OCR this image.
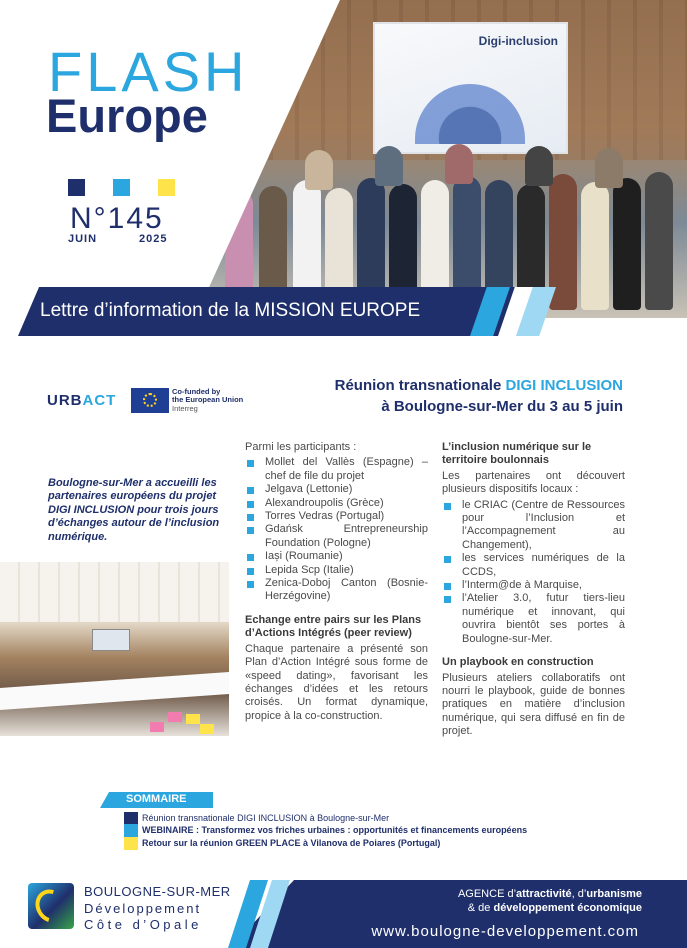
Digi-inclusion
FLASH
Europe
N°145
JUIN	2025
Lettre d’information de la MISSION EUROPE
URBACT
Co-funded by
the European Union
Interreg
Réunion transnationale DIGI INCLUSION
à Boulogne-sur-Mer du 3 au 5 juin
Boulogne-sur-Mer a accueilli les partenaires européens du projet DIGI INCLUSION pour trois jours d’échanges autour de l’inclusion numérique.

Parmi les participants :

Mollet del Vallès (Espagne) – chef de file du projet
Jelgava (Lettonie)
Alexandroupolis (Grèce)
Torres Vedras (Portugal)
Gdańsk Entrepreneurship Foundation (Pologne)
Iași (Roumanie)
Lepida Scp (Italie)
Zenica-Doboj Canton (Bosnie-Herzégovine)
Echange entre pairs sur les Plans d’Actions Intégrés (peer review)

Chaque partenaire a présenté son Plan d’Action Intégré sous forme de «speed dating», favorisant les échanges d’idées et les retours croisés. Un format dynamique, propice à la co-construction.

L’inclusion numérique sur le territoire boulonnais

Les partenaires ont découvert plusieurs dispositifs locaux :

le CRIAC (Centre de Ressources pour l’Inclusion et l’Accompagnement au Changement),
les services numériques de la CCDS,
l’Interm@de à Marquise,
l’Atelier 3.0, futur tiers-lieu numérique et innovant, qui ouvrira bientôt ses portes à Boulogne-sur-Mer.
Un playbook en construction

Plusieurs ateliers collaboratifs ont nourri le playbook, guide de bonnes pratiques en matière d’inclusion numérique, qui sera diffusé en fin de projet.

SOMMAIRE
Réunion transnationale DIGI INCLUSION à Boulogne-sur-Mer
WEBINAIRE : Transformez vos friches urbaines : opportunités et financements européens
Retour sur la réunion GREEN PLACE à Vilanova de Poiares (Portugal)
BOULOGNE-SUR-MER
Développement
Côte d’Opale
AGENCE d’attractivité, d’urbanisme
& de développement économique
www.boulogne-developpement.com
